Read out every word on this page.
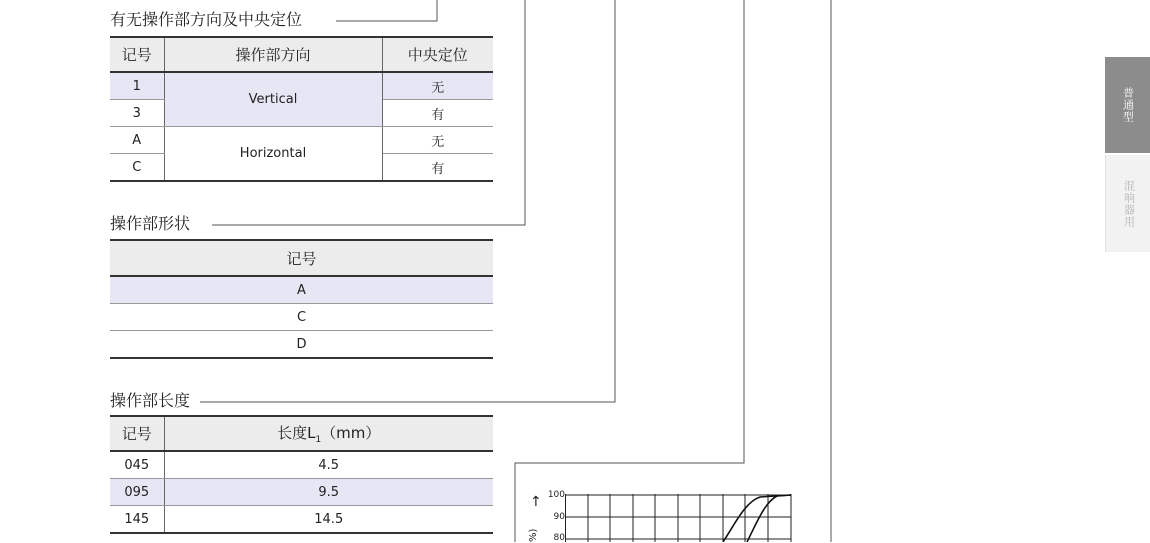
有无操作部方向及中央定位
记号	操作部方向	中央定位
1	Vertical	无
3		有
A	Horizontal	无
C		有
操作部形状
记号
A
C
D
操作部长度
记号	长度$L_1(mm)$
045	4.5
095	9.5
145	14.5
100
90
80
↑
%)
普通型
混响器用
